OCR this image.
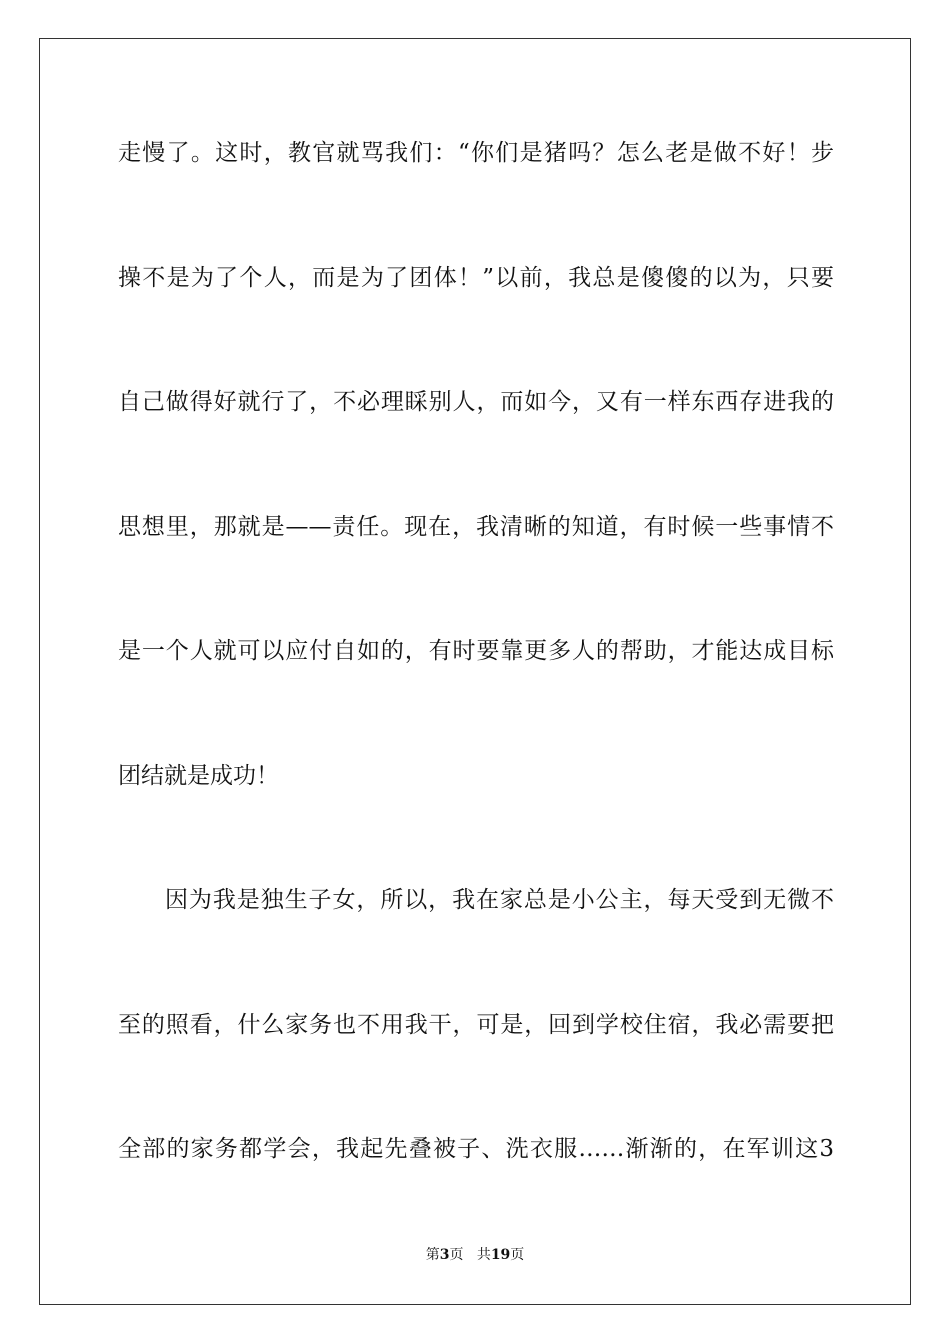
走慢了。这时，教官就骂我们：“你们是猪吗？怎么老是做不好！步
操不是为了个人，而是为了团体！”以前，我总是傻傻的以为，只要
自己做得好就行了，不必理睬别人，而如今，又有一样东西存进我的
思想里，那就是——责任。现在，我清晰的知道，有时候一些事情不
是一个人就可以应付自如的，有时要靠更多人的帮助，才能达成目标
团结就是成功！
因为我是独生子女，所以，我在家总是小公主，每天受到无微不
至的照看，什么家务也不用我干，可是，回到学校住宿，我必需要把
全部的家务都学会，我起先叠被子、洗衣服……渐渐的，在军训这3
第3页 共19页
